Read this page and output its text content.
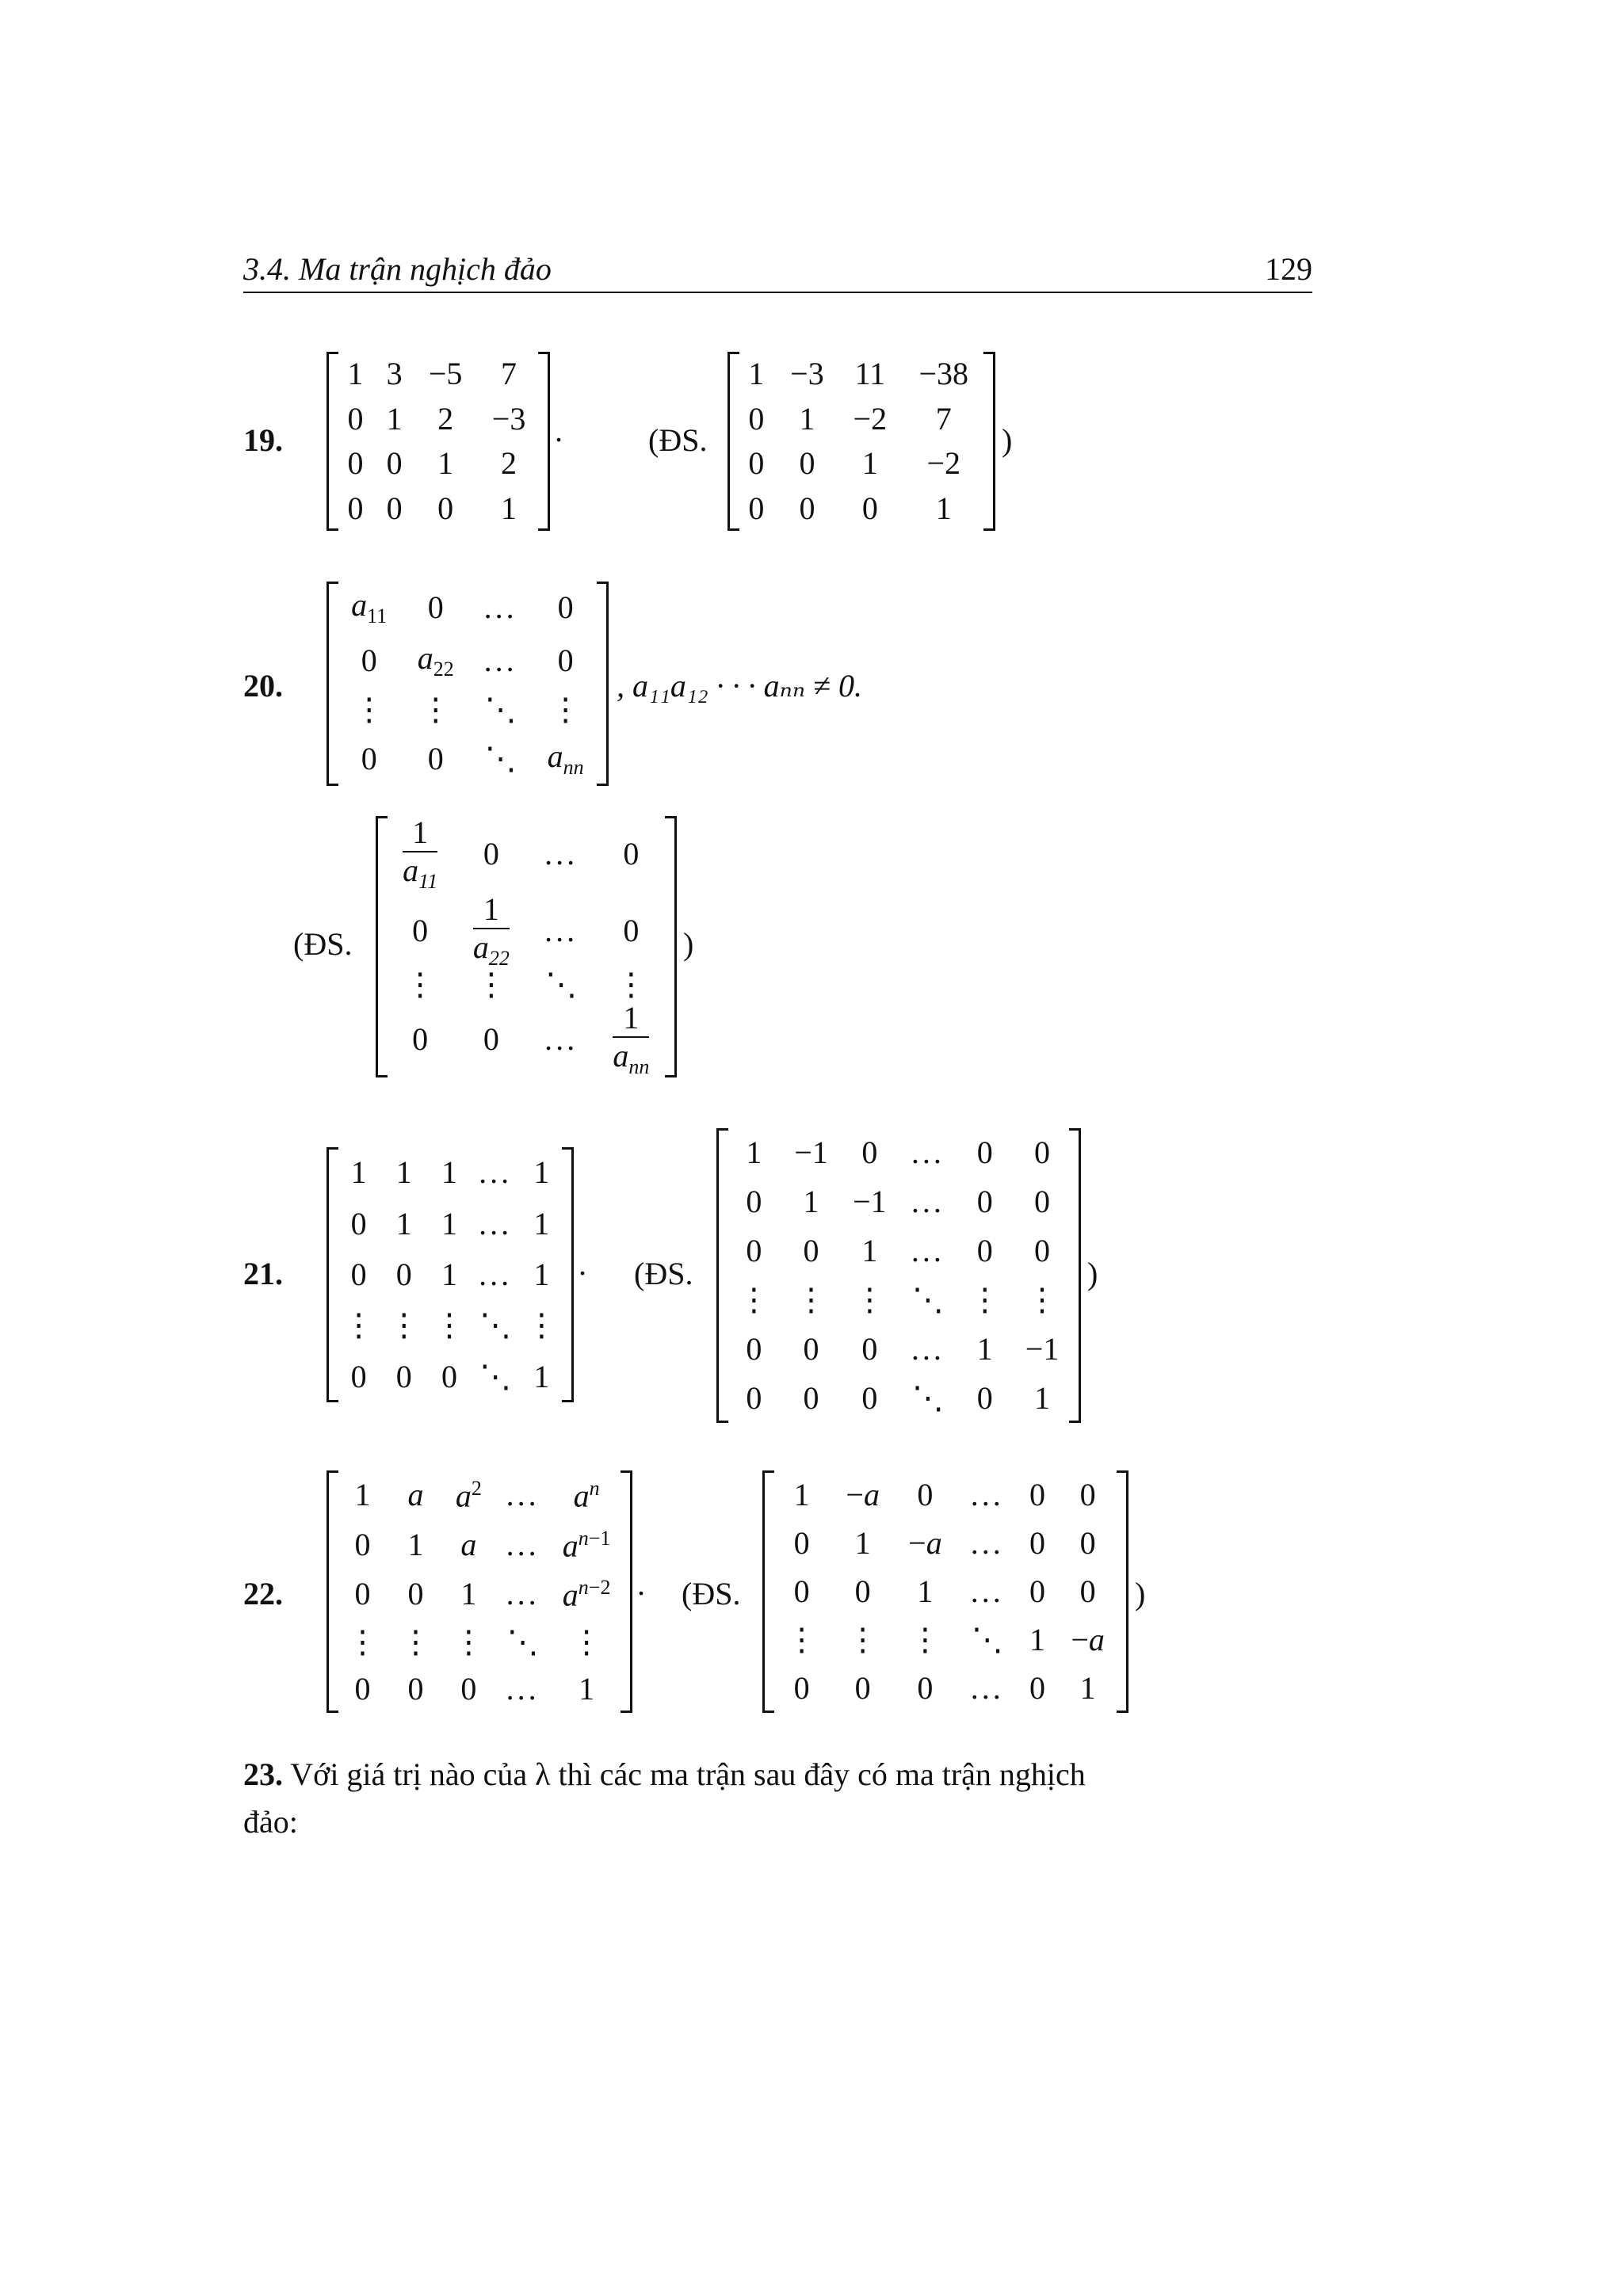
3.4. Ma trận nghịch đảo	129
19.
1	3	−5	7
0	1	2	−3
0	0	1	2
0	0	0	1
.	(ĐS.
1	−3	11	−38
0	1	−2	7
0	0	1	−2
0	0	0	1
)
20.
$a_{11}$	0	...	0
0	$a_{22}$	...	0
⋮	⋮	⋱	⋮
0	0	⋱	$a_{nn}$
, a₁₁a₁₂ · · · aₙₙ ≠ 0.
(ĐS.
$\frac{1}{a_{11}}$	0	...	0
0	$\frac{1}{a_{22}}$	...	0
⋮	⋮	⋱	⋮
0	0	...	$\frac{1}{a_{nn}}$
)
21.
1	1	1	...	1
0	1	1	...	1
0	0	1	...	1
⋮	⋮	⋮	⋱	⋮
0	0	0	⋱	1
. (ĐS.
1	−1	0	...	0	0
0	1	−1	...	0	0
0	0	1	...	0	0
⋮	⋮	⋮	⋱	⋮	⋮
0	0	0	...	1	−1
0	0	0	⋱	0	1
)
22.
1	a	$a^2$	...	$a^n$
0	1	a	...	$a^{n-1}$
0	0	1	...	$a^{n-2}$
⋮	⋮	⋮	⋱	⋮
0	0	0	...	1
. (ĐS.
1	−a	0	...	0	0
0	1	−a	...	0	0
0	0	1	...	0	0
⋮	⋮	⋮	⋱	1	−a
0	0	0	...	0	1
)
23. Với giá trị nào của λ thì các ma trận sau đây có ma trận nghịch
đảo:
